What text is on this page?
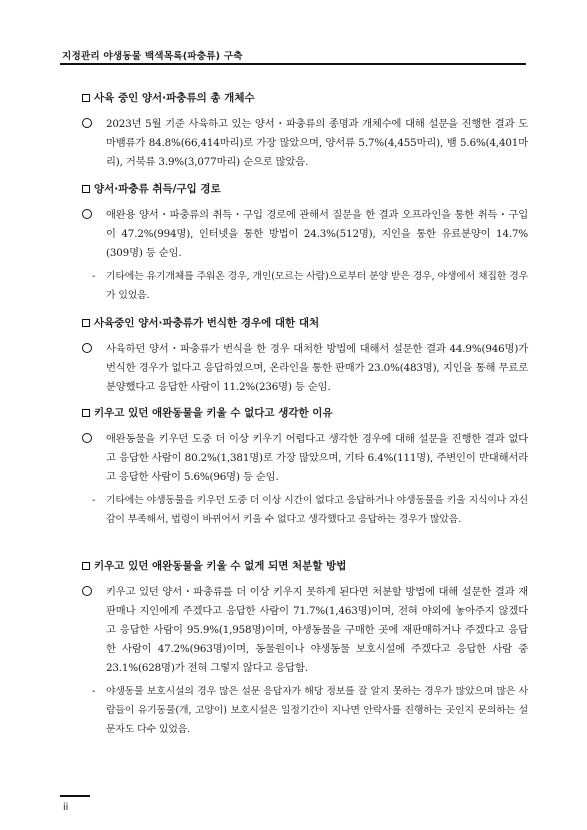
지정관리 야생동물 백색목록(파충류) 구축

사육 중인 양서·파충류의 총 개체수

2023년 5월 기준 사육하고 있는 양서・파충류의 종명과 개체수에 대해 설문을 진행한 결과 도마뱀류가 84.8%(66,414마리)로 가장 많았으며, 양서류 5.7%(4,455마리), 뱀 5.6%(4,401마리), 거북류 3.9%(3,077마리) 순으로 많았음.

양서·파충류 취득/구입 경로

애완용 양서・파충류의 취득・구입 경로에 관해서 질문을 한 결과 오프라인을 통한 취득・구입이 47.2%(994명), 인터넷을 통한 방법이 24.3%(512명), 지인을 통한 유료분양이 14.7%(309명) 등 순임.

- 기타에는 유기개체를 주워온 경우, 개인(모르는 사람)으로부터 분양 받은 경우, 야생에서 채집한 경우가 있었음.

사육중인 양서·파충류가 번식한 경우에 대한 대처

사육하던 양서・파충류가 번식을 한 경우 대처한 방법에 대해서 설문한 결과 44.9%(946명)가 번식한 경우가 없다고 응답하였으며, 온라인을 통한 판매가 23.0%(483명), 지인을 통해 무료로 분양했다고 응답한 사람이 11.2%(236명) 등 순임.

키우고 있던 애완동물을 키울 수 없다고 생각한 이유

애완동물을 키우던 도중 더 이상 키우기 어렵다고 생각한 경우에 대해 설문을 진행한 결과 없다고 응답한 사람이 80.2%(1,381명)로 가장 많았으며, 기타 6.4%(111명), 주변인이 반대해서라고 응답한 사람이 5.6%(96명) 등 순임.

- 기타에는 야생동물을 키우던 도중 더 이상 시간이 없다고 응답하거나 야생동물을 키울 지식이나 자신감이 부족해서, 법령이 바뀌어서 키울 수 없다고 생각했다고 응답하는 경우가 많았음.

키우고 있던 애완동물을 키울 수 없게 되면 처분할 방법

키우고 있던 양서・파충류를 더 이상 키우지 못하게 된다면 처분할 방법에 대해 설문한 결과 재판매나 지인에게 주겠다고 응답한 사람이 71.7%(1,463명)이며, 전혀 야외에 놓아주지 않겠다고 응답한 사람이 95.9%(1,958명)이며, 야생동물을 구매한 곳에 재판매하거나 주겠다고 응답한 사람이 47.2%(963명)이며, 동물원이나 야생동물 보호시설에 주겠다고 응답한 사람 중 23.1%(628명)가 전혀 그렇지 않다고 응답함.

- 야생동물 보호시설의 경우 많은 설문 응답자가 해당 정보를 잘 알지 못하는 경우가 많았으며 많은 사람들이 유기동물(개, 고양이) 보호시설은 일정기간이 지나면 안락사를 진행하는 곳인지 문의하는 설문자도 다수 있었음.

ii
